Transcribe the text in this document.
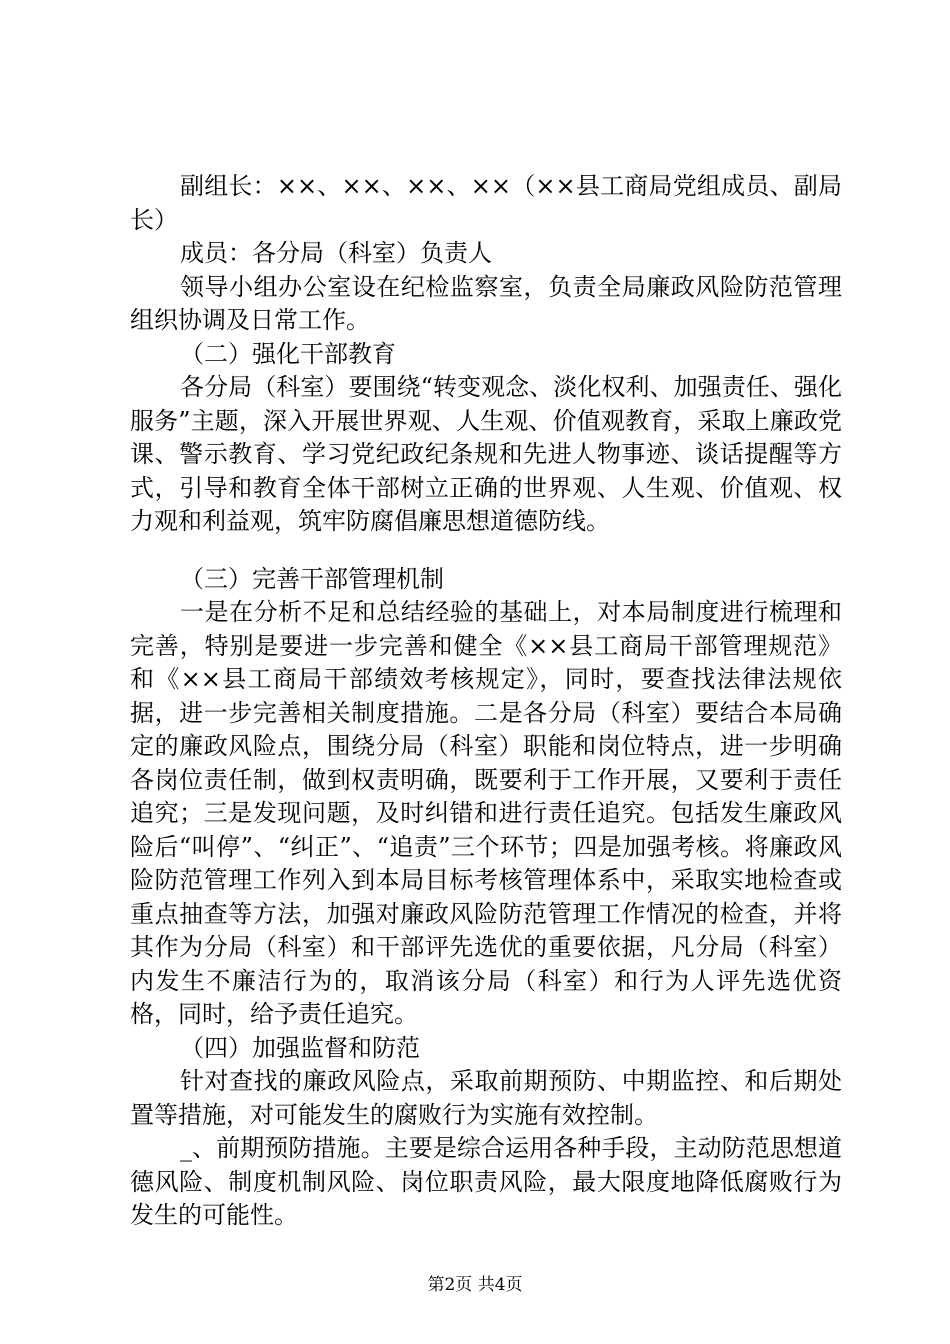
副组长：××、××、××、××（××县工商局党组成员、副局长）

成员：各分局（科室）负责人

领导小组办公室设在纪检监察室，负责全局廉政风险防范管理组织协调及日常工作。

（二）强化干部教育

各分局（科室）要围绕“转变观念、淡化权利、加强责任、强化服务”主题，深入开展世界观、人生观、价值观教育，采取上廉政党课、警示教育、学习党纪政纪条规和先进人物事迹、谈话提醒等方式，引导和教育全体干部树立正确的世界观、人生观、价值观、权力观和利益观，筑牢防腐倡廉思想道德防线。

（三）完善干部管理机制

一是在分析不足和总结经验的基础上，对本局制度进行梳理和完善，特别是要进一步完善和健全《××县工商局干部管理规范》和《××县工商局干部绩效考核规定》，同时，要查找法律法规依据，进一步完善相关制度措施。二是各分局（科室）要结合本局确定的廉政风险点，围绕分局（科室）职能和岗位特点，进一步明确各岗位责任制，做到权责明确，既要利于工作开展，又要利于责任追究；三是发现问题，及时纠错和进行责任追究。包括发生廉政风险后“叫停”、“纠正”、“追责”三个环节；四是加强考核。将廉政风险防范管理工作列入到本局目标考核管理体系中，采取实地检查或重点抽查等方法，加强对廉政风险防范管理工作情况的检查，并将其作为分局（科室）和干部评先选优的重要依据，凡分局（科室）内发生不廉洁行为的，取消该分局（科室）和行为人评先选优资格，同时，给予责任追究。

（四）加强监督和防范

针对查找的廉政风险点，采取前期预防、中期监控、和后期处置等措施，对可能发生的腐败行为实施有效控制。

_、前期预防措施。主要是综合运用各种手段，主动防范思想道德风险、制度机制风险、岗位职责风险，最大限度地降低腐败行为发生的可能性。

第2页 共4页
